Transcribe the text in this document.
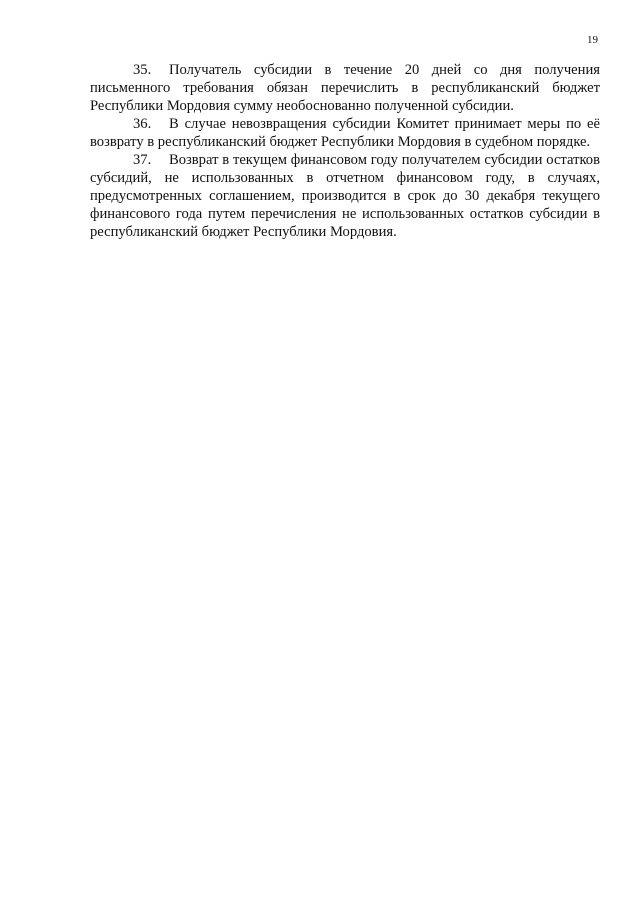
19

35. Получатель субсидии в течение 20 дней со дня получения письменного требования обязан перечислить в республиканский бюджет Республики Мордовия сумму необоснованно полученной субсидии.

36. В случае невозвращения субсидии Комитет принимает меры по её возврату в республиканский бюджет Республики Мордовия в судебном порядке.

37. Возврат в текущем финансовом году получателем субсидии остатков субсидий, не использованных в отчетном финансовом году, в случаях, предусмотренных соглашением, производится в срок до 30 декабря текущего финансового года путем перечисления не использованных остатков субсидии в республиканский бюджет Республики Мордовия.
